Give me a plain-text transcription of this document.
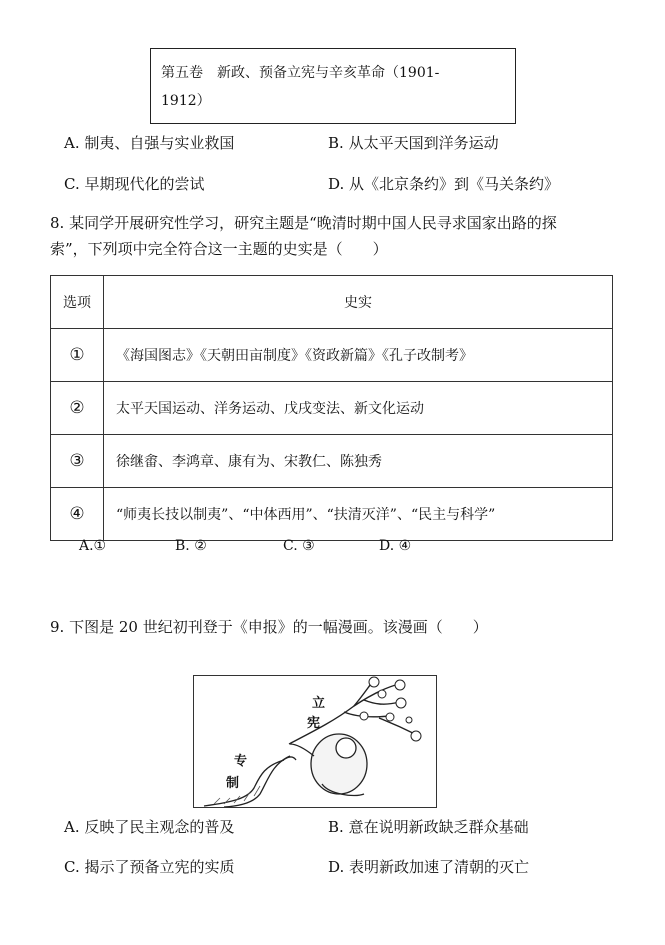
第五卷　新政、预备立宪与辛亥革命（1901-
1912）
A. 制夷、自强与实业救国	B. 从太平天国到洋务运动
C. 早期现代化的尝试	D. 从《北京条约》到《马关条约》
8. 某同学开展研究性学习，研究主题是“晚清时期中国人民寻求国家出路的探
索”，下列项中完全符合这一主题的史实是（　　）
选项	史实
①	《海国图志》《天朝田亩制度》《资政新篇》《孔子改制考》
②	太平天国运动、洋务运动、戊戌变法、新文化运动
③	徐继畬、李鸿章、康有为、宋教仁、陈独秀
④	“师夷长技以制夷”、“中体西用”、“扶清灭洋”、“民主与科学”
A.①	B. ②	C. ③	D. ④
9. 下图是 20 世纪初刊登于《申报》的一幅漫画。该漫画（　　）
立
宪
专
制
A. 反映了民主观念的普及	B. 意在说明新政缺乏群众基础
C. 揭示了预备立宪的实质	D. 表明新政加速了清朝的灭亡
